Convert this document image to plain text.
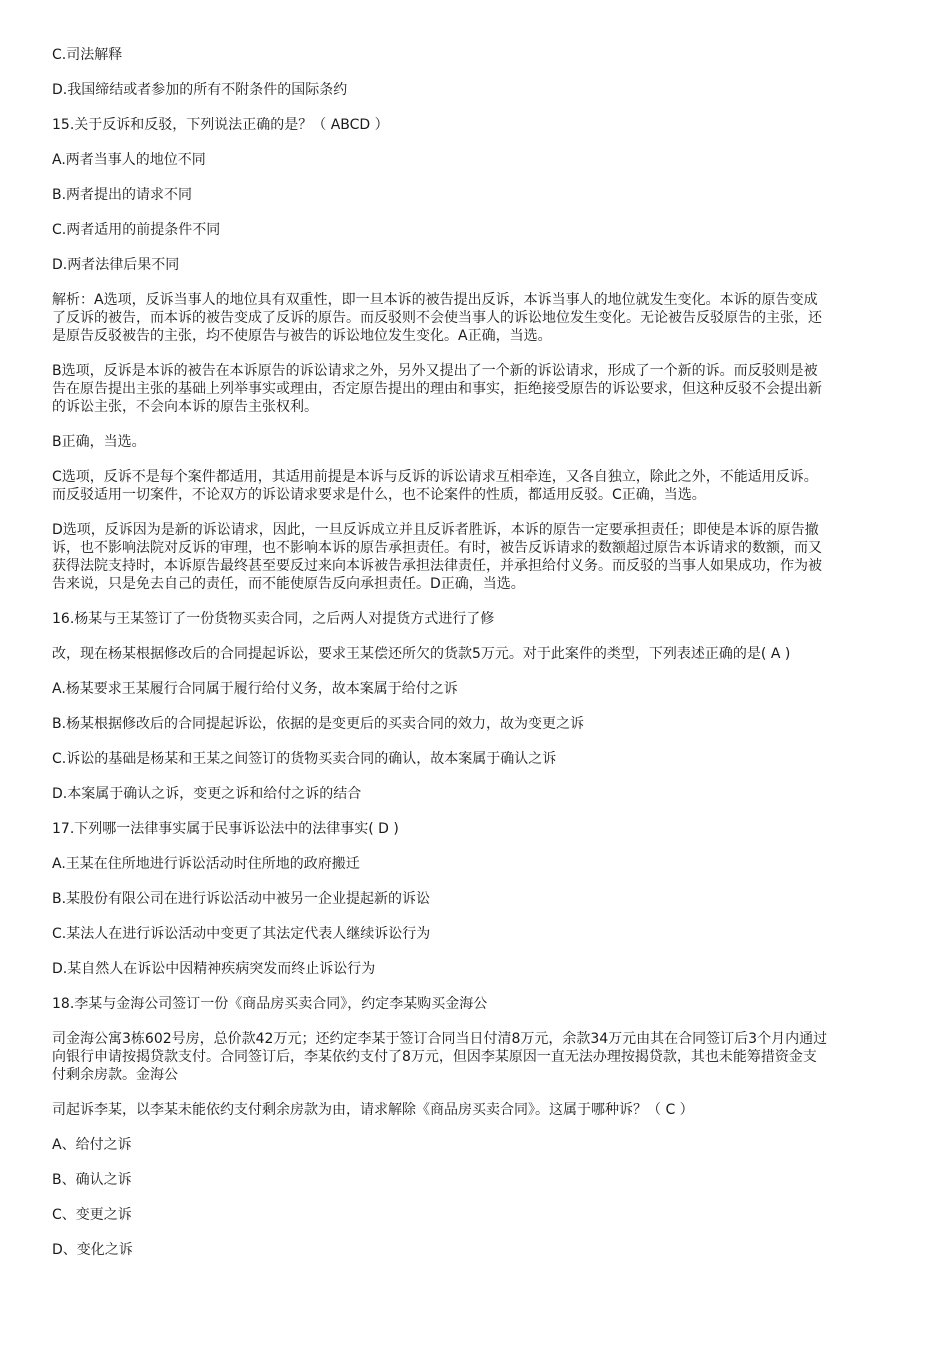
C.司法解释
D.我国缔结或者参加的所有不附条件的国际条约
15.关于反诉和反驳，下列说法正确的是？（ ABCD ）
A.两者当事人的地位不同
B.两者提出的请求不同
C.两者适用的前提条件不同
D.两者法律后果不同
解析：A选项，反诉当事人的地位具有双重性，即一旦本诉的被告提出反诉，本诉当事人的地位就发生变化。本诉的原告变成
了反诉的被告，而本诉的被告变成了反诉的原告。而反驳则不会使当事人的诉讼地位发生变化。无论被告反驳原告的主张，还
是原告反驳被告的主张，均不使原告与被告的诉讼地位发生变化。A正确，当选。
B选项，反诉是本诉的被告在本诉原告的诉讼请求之外，另外又提出了一个新的诉讼请求，形成了一个新的诉。而反驳则是被
告在原告提出主张的基础上列举事实或理由，否定原告提出的理由和事实，拒绝接受原告的诉讼要求，但这种反驳不会提出新
的诉讼主张，不会向本诉的原告主张权利。
B正确，当选。
C选项，反诉不是每个案件都适用，其适用前提是本诉与反诉的诉讼请求互相牵连，又各自独立，除此之外，不能适用反诉。
而反驳适用一切案件，不论双方的诉讼请求要求是什么，也不论案件的性质，都适用反驳。C正确，当选。
D选项，反诉因为是新的诉讼请求，因此，一旦反诉成立并且反诉者胜诉，本诉的原告一定要承担责任；即使是本诉的原告撤
诉，也不影响法院对反诉的审理，也不影响本诉的原告承担责任。有时，被告反诉请求的数额超过原告本诉请求的数额，而又
获得法院支持时，本诉原告最终甚至要反过来向本诉被告承担法律责任，并承担给付义务。而反驳的当事人如果成功，作为被
告来说，只是免去自己的责任，而不能使原告反向承担责任。D正确，当选。
16.杨某与王某签订了一份货物买卖合同，之后两人对提货方式进行了修
改，现在杨某根据修改后的合同提起诉讼，要求王某偿还所欠的货款5万元。对于此案件的类型，下列表述正确的是( A )
A.杨某要求王某履行合同属于履行给付义务，故本案属于给付之诉
B.杨某根据修改后的合同提起诉讼，依据的是变更后的买卖合同的效力，故为变更之诉
C.诉讼的基础是杨某和王某之间签订的货物买卖合同的确认，故本案属于确认之诉
D.本案属于确认之诉，变更之诉和给付之诉的结合
17.下列哪一法律事实属于民事诉讼法中的法律事实( D )
A.王某在住所地进行诉讼活动时住所地的政府搬迁
B.某股份有限公司在进行诉讼活动中被另一企业提起新的诉讼
C.某法人在进行诉讼活动中变更了其法定代表人继续诉讼行为
D.某自然人在诉讼中因精神疾病突发而终止诉讼行为
18.李某与金海公司签订一份《商品房买卖合同》，约定李某购买金海公
司金海公寓3栋602号房，总价款42万元；还约定李某于签订合同当日付清8万元，余款34万元由其在合同签订后3个月内通过
向银行申请按揭贷款支付。合同签订后，李某依约支付了8万元，但因李某原因一直无法办理按揭贷款，其也未能筹措资金支
付剩余房款。金海公
司起诉李某，以李某未能依约支付剩余房款为由，请求解除《商品房买卖合同》。这属于哪种诉？（ C ）
A、给付之诉
B、确认之诉
C、变更之诉
D、变化之诉
